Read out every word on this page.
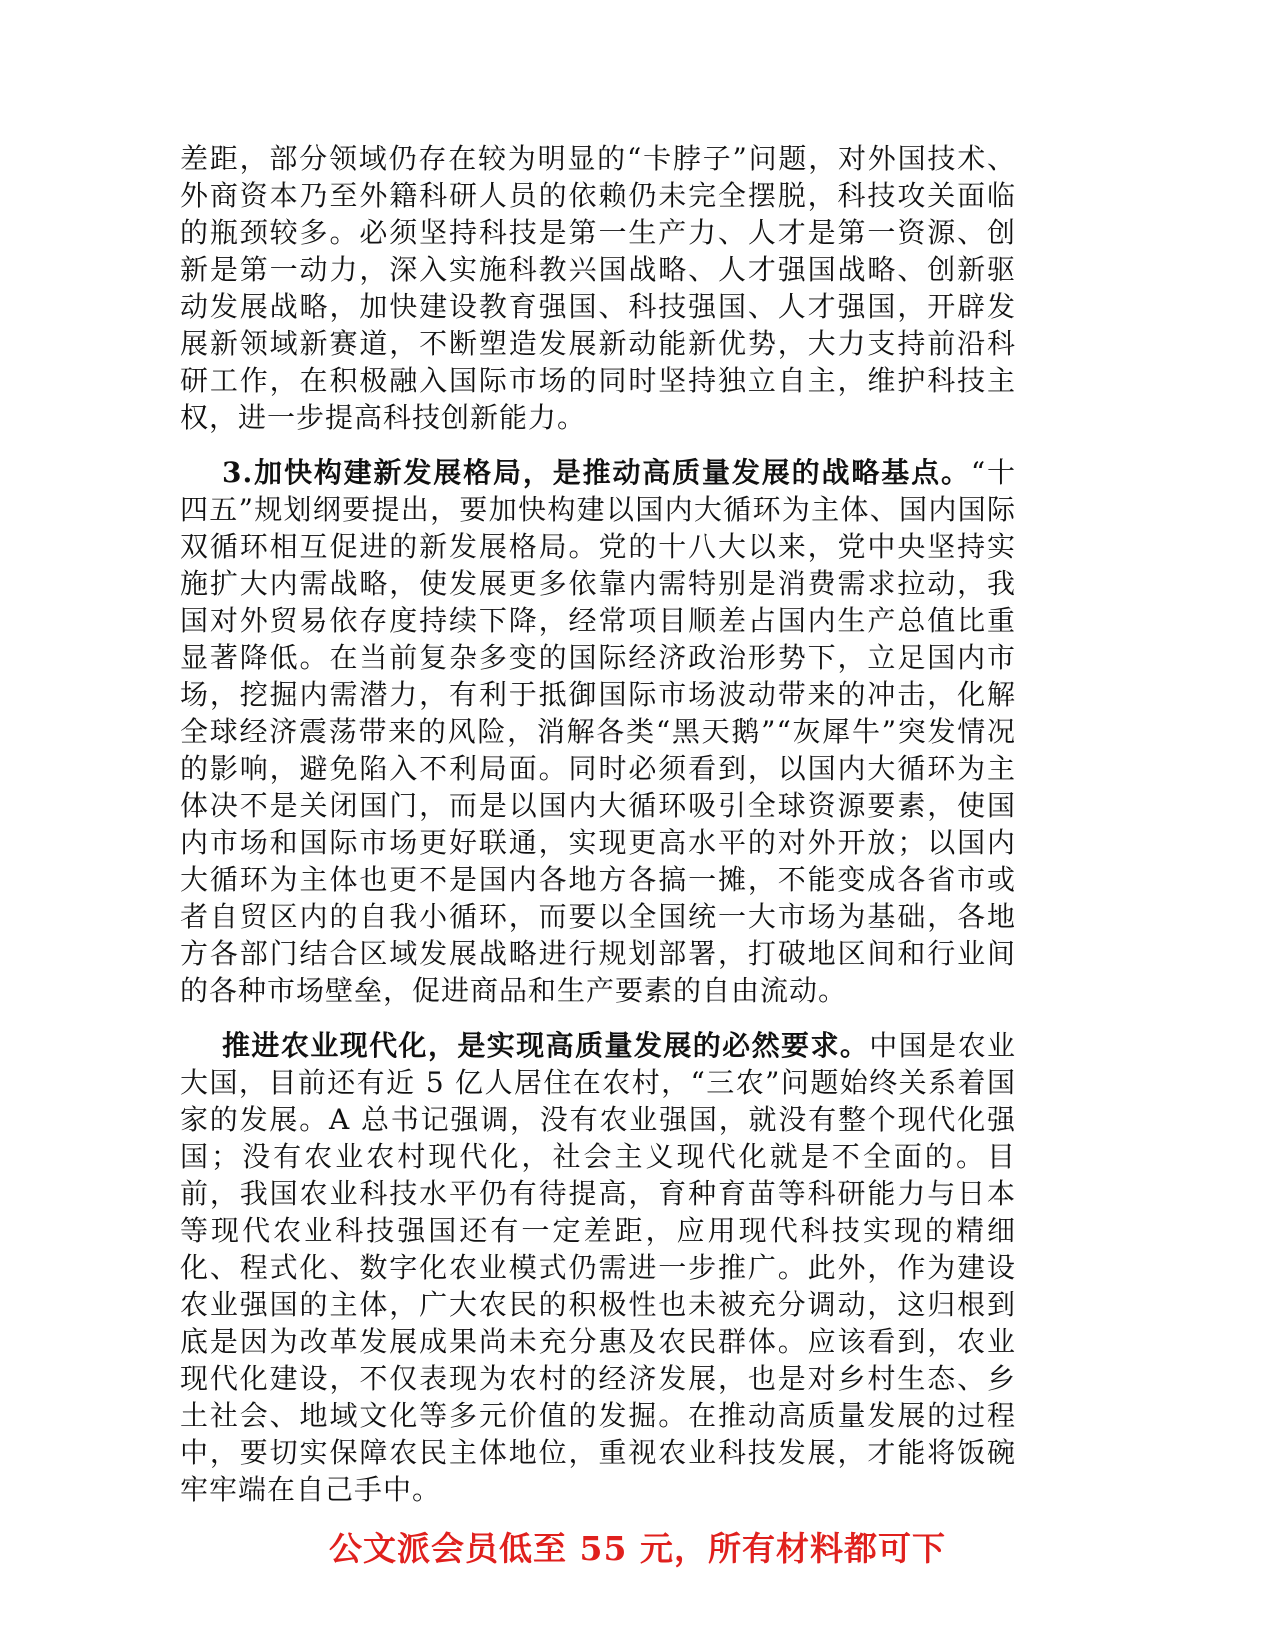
差距，部分领域仍存在较为明显的“卡脖子”问题，对外国技术、外商资本乃至外籍科研人员的依赖仍未完全摆脱，科技攻关面临的瓶颈较多。必须坚持科技是第一生产力、人才是第一资源、创新是第一动力，深入实施科教兴国战略、人才强国战略、创新驱动发展战略，加快建设教育强国、科技强国、人才强国，开辟发展新领域新赛道，不断塑造发展新动能新优势，大力支持前沿科研工作，在积极融入国际市场的同时坚持独立自主，维护科技主权，进一步提高科技创新能力。

3.加快构建新发展格局，是推动高质量发展的战略基点。“十四五”规划纲要提出，要加快构建以国内大循环为主体、国内国际双循环相互促进的新发展格局。党的十八大以来，党中央坚持实施扩大内需战略，使发展更多依靠内需特别是消费需求拉动，我国对外贸易依存度持续下降，经常项目顺差占国内生产总值比重显著降低。在当前复杂多变的国际经济政治形势下，立足国内市场，挖掘内需潜力，有利于抵御国际市场波动带来的冲击，化解全球经济震荡带来的风险，消解各类“黑天鹅”“灰犀牛”突发情况的影响，避免陷入不利局面。同时必须看到，以国内大循环为主体决不是关闭国门，而是以国内大循环吸引全球资源要素，使国内市场和国际市场更好联通，实现更高水平的对外开放；以国内大循环为主体也更不是国内各地方各搞一摊，不能变成各省市或者自贸区内的自我小循环，而要以全国统一大市场为基础，各地方各部门结合区域发展战略进行规划部署，打破地区间和行业间的各种市场壁垒，促进商品和生产要素的自由流动。

推进农业现代化，是实现高质量发展的必然要求。中国是农业大国，目前还有近 5 亿人居住在农村，“三农”问题始终关系着国家的发展。A 总书记强调，没有农业强国，就没有整个现代化强国；没有农业农村现代化，社会主义现代化就是不全面的。目前，我国农业科技水平仍有待提高，育种育苗等科研能力与日本等现代农业科技强国还有一定差距，应用现代科技实现的精细化、程式化、数字化农业模式仍需进一步推广。此外，作为建设农业强国的主体，广大农民的积极性也未被充分调动，这归根到底是因为改革发展成果尚未充分惠及农民群体。应该看到，农业现代化建设，不仅表现为农村的经济发展，也是对乡村生态、乡土社会、地域文化等多元价值的发掘。在推动高质量发展的过程中，要切实保障农民主体地位，重视农业科技发展，才能将饭碗牢牢端在自己手中。

公文派会员低至 55 元，所有材料都可下
